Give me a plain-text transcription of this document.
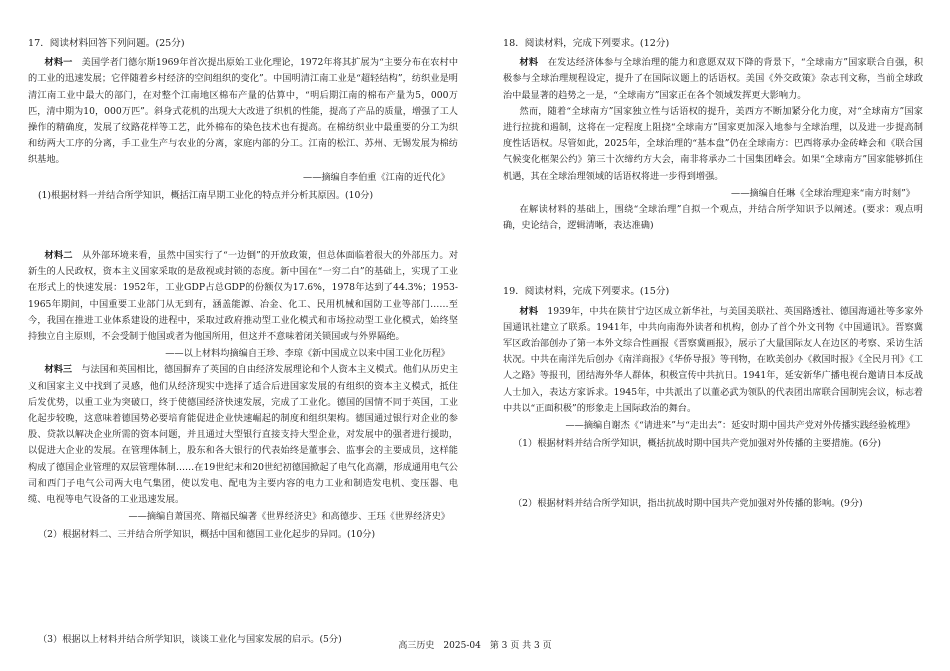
17．阅读材料回答下列问题。(25分)

材料一　 美国学者门德尔斯1969年首次提出原始工业化理论，1972年将其扩展为“主要分布在农村中的工业的迅速发展；它伴随着乡村经济的空间组织的变化”。中国明清江南工业是“超轻结构”，纺织业是明清江南工业中最大的部门，在对整个江南地区棉布产量的估算中，“明后期江南的棉布产量为5，000万匹，清中期为10，000万匹”。斜身式花机的出现大大改进了织机的性能，提高了产品的质量，增强了工人操作的精确度，发展了纹路花样等工艺，此外棉布的染色技术也有提高。在棉纺织业中最重要的分工为织和纺两大工序的分离，手工业生产与农业的分离，家庭内部的分工。江南的松江、苏州、无锡发展为棉纺织基地。

——摘编自李伯重《江南的近代化》

(1)根据材料一并结合所学知识，概括江南早期工业化的特点并分析其原因。(10分)

材料二　 从外部环境来看，虽然中国实行了“一边倒”的开放政策，但总体面临着很大的外部压力。对新生的人民政权，资本主义国家采取的是敌视或封锁的态度。新中国在“一穷二白”的基础上，实现了工业在形式上的快速发展：1952年，工业GDP占总GDP的份额仅为17.6%，1978年达到了44.3%；1953-1965年期间，中国重要工业部门从无到有，涵盖能源、冶金、化工、民用机械和国防工业等部门……至今，我国在推进工业体系建设的进程中，采取过政府推动型工业化模式和市场拉动型工业化模式，始终坚持独立自主原则，不会受制于他国或者为他国所用，但这并不意味着闭关锁国或与外界隔绝。

——以上材料均摘编自王珍、李琼《新中国成立以来中国工业化历程》

材料三　 与法国和英国相比，德国摒弃了英国的自由经济发展理论和个人资本主义模式。他们从历史主义和国家主义中找到了灵感，他们从经济现实中选择了适合后进国家发展的有组织的资本主义模式，抵住后发优势，以重工业为突破口，终于使德国经济快速发展，完成了工业化。德国的国情不同于英国，工业化起步较晚，这意味着德国势必要培育能促进企业快速崛起的制度和组织架构。德国通过银行对企业的参股、贷款以解决企业所需的资本问题，并且通过大型银行直接支持大型企业，对发展中的强者进行援助，以促进大企业的发展。在管理体制上，股东和各大银行的代表始终是董事会、监事会的主要成员，这样能构成了德国企业管理的双层管理体制……在19世纪末和20世纪初德国掀起了电气化高潮，形成通用电气公司和西门子电气公司两大电气集团，使以发电、配电为主要内容的电力工业和制造发电机、变压器、电缆、电视等电气设备的工业迅速发展。

——摘编自萧国亮、隋福民编著《世界经济史》和高德步、王珏《世界经济史》

（2）根据材料二、三并结合所学知识，概括中国和德国工业化起步的异同。(10分)

（3）根据以上材料并结合所学知识，谈谈工业化与国家发展的启示。(5分)

18．阅读材料，完成下列要求。(12分)

材料　 在发达经济体参与全球治理的能力和意愿双双下降的背景下，“全球南方”国家联合自强，积极参与全球治理规程设定，提升了在国际议题上的话语权。美国《外交政策》杂志刊文称，当前全球政治中最显著的趋势之一是，“全球南方”国家正在各个领域发挥更大影响力。

然而，随着“全球南方”国家独立性与话语权的提升，美西方不断加紧分化力度，对“全球南方”国家进行拉拢和遏制，这将在一定程度上阻挠“全球南方”国家更加深入地参与全球治理，以及进一步提高制度性话语权。尽管如此，2025年，全球治理的“基本盘”仍在全球南方：巴西将承办金砖峰会和《联合国气候变化框架公约》第三十次缔约方大会，南非将承办二十国集团峰会。如果“全球南方”国家能够抓住机遇，其在全球治理领域的话语权将进一步得到增强。

——摘编自任琳《全球治理迎来“南方时刻”》

在解读材料的基础上，围绕“全球治理”自拟一个观点，并结合所学知识予以阐述。(要求：观点明确，史论结合，逻辑清晰，表达准确)

19．阅读材料，完成下列要求。(15分)

材料　 1939年，中共在陕甘宁边区成立新华社，与美国美联社、英国路透社、德国海通社等多家外国通讯社建立了联系。1941年，中共向南海外读者和机构，创办了首个外文刊物《中国通讯》。晋察冀军区政治部创办了第一本外文综合性画报《晋察冀画报》，展示了大量国际友人在边区的考察、采访生活状况。中共在南洋先后创办《南洋商报》《华侨导报》等刊物，在欧美创办《救国时报》《全民月刊》《工人之路》等报刊，团结海外华人群体，积极宣传中共抗日。1941年，延安新华广播电视台邀请日本反战人士加入，表达方家诉求。1945年，中共派出了以董必武为领队的代表团出席联合国制宪会议，标志着中共以“正面积极”的形象走上国际政治的舞台。

——摘编自谢杰《“请进来”与“走出去”：延安时期中国共产党对外传播实践经验梳理》

（1）根据材料并结合所学知识，概括抗战时期中国共产党加强对外传播的主要措施。(6分)

（2）根据材料并结合所学知识，指出抗战时期中国共产党加强对外传播的影响。(9分)

高三历史　2025-04　第 3 页 共 3 页
